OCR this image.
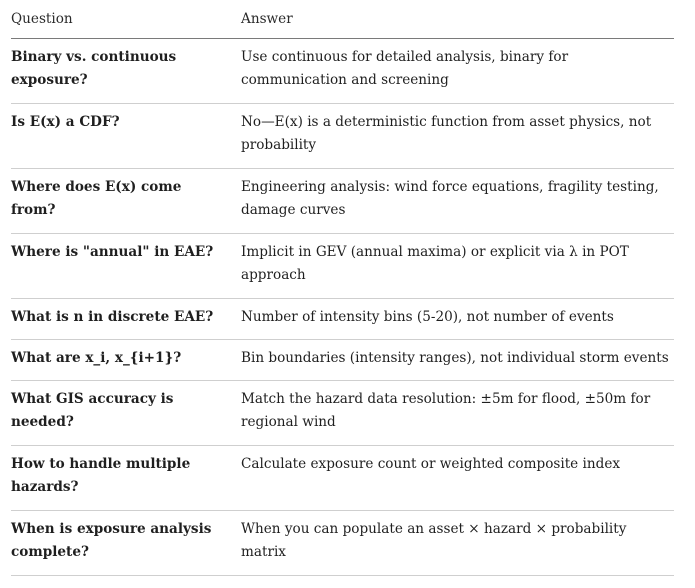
Question	Answer
Binary vs. continuous exposure?	Use continuous for detailed analysis, binary for communication and screening
Is E(x) a CDF?	No—E(x) is a deterministic function from asset physics, not probability
Where does E(x) come from?	Engineering analysis: wind force equations, fragility testing, damage curves
Where is "annual" in EAE?	Implicit in GEV (annual maxima) or explicit via λ in POT approach
What is n in discrete EAE?	Number of intensity bins (5-20), not number of events
What are x_i, x_{i+1}?	Bin boundaries (intensity ranges), not individual storm events
What GIS accuracy is needed?	Match the hazard data resolution: ±5m for flood, ±50m for regional wind
How to handle multiple hazards?	Calculate exposure count or weighted composite index
When is exposure analysis complete?	When you can populate an asset × hazard × probability matrix
